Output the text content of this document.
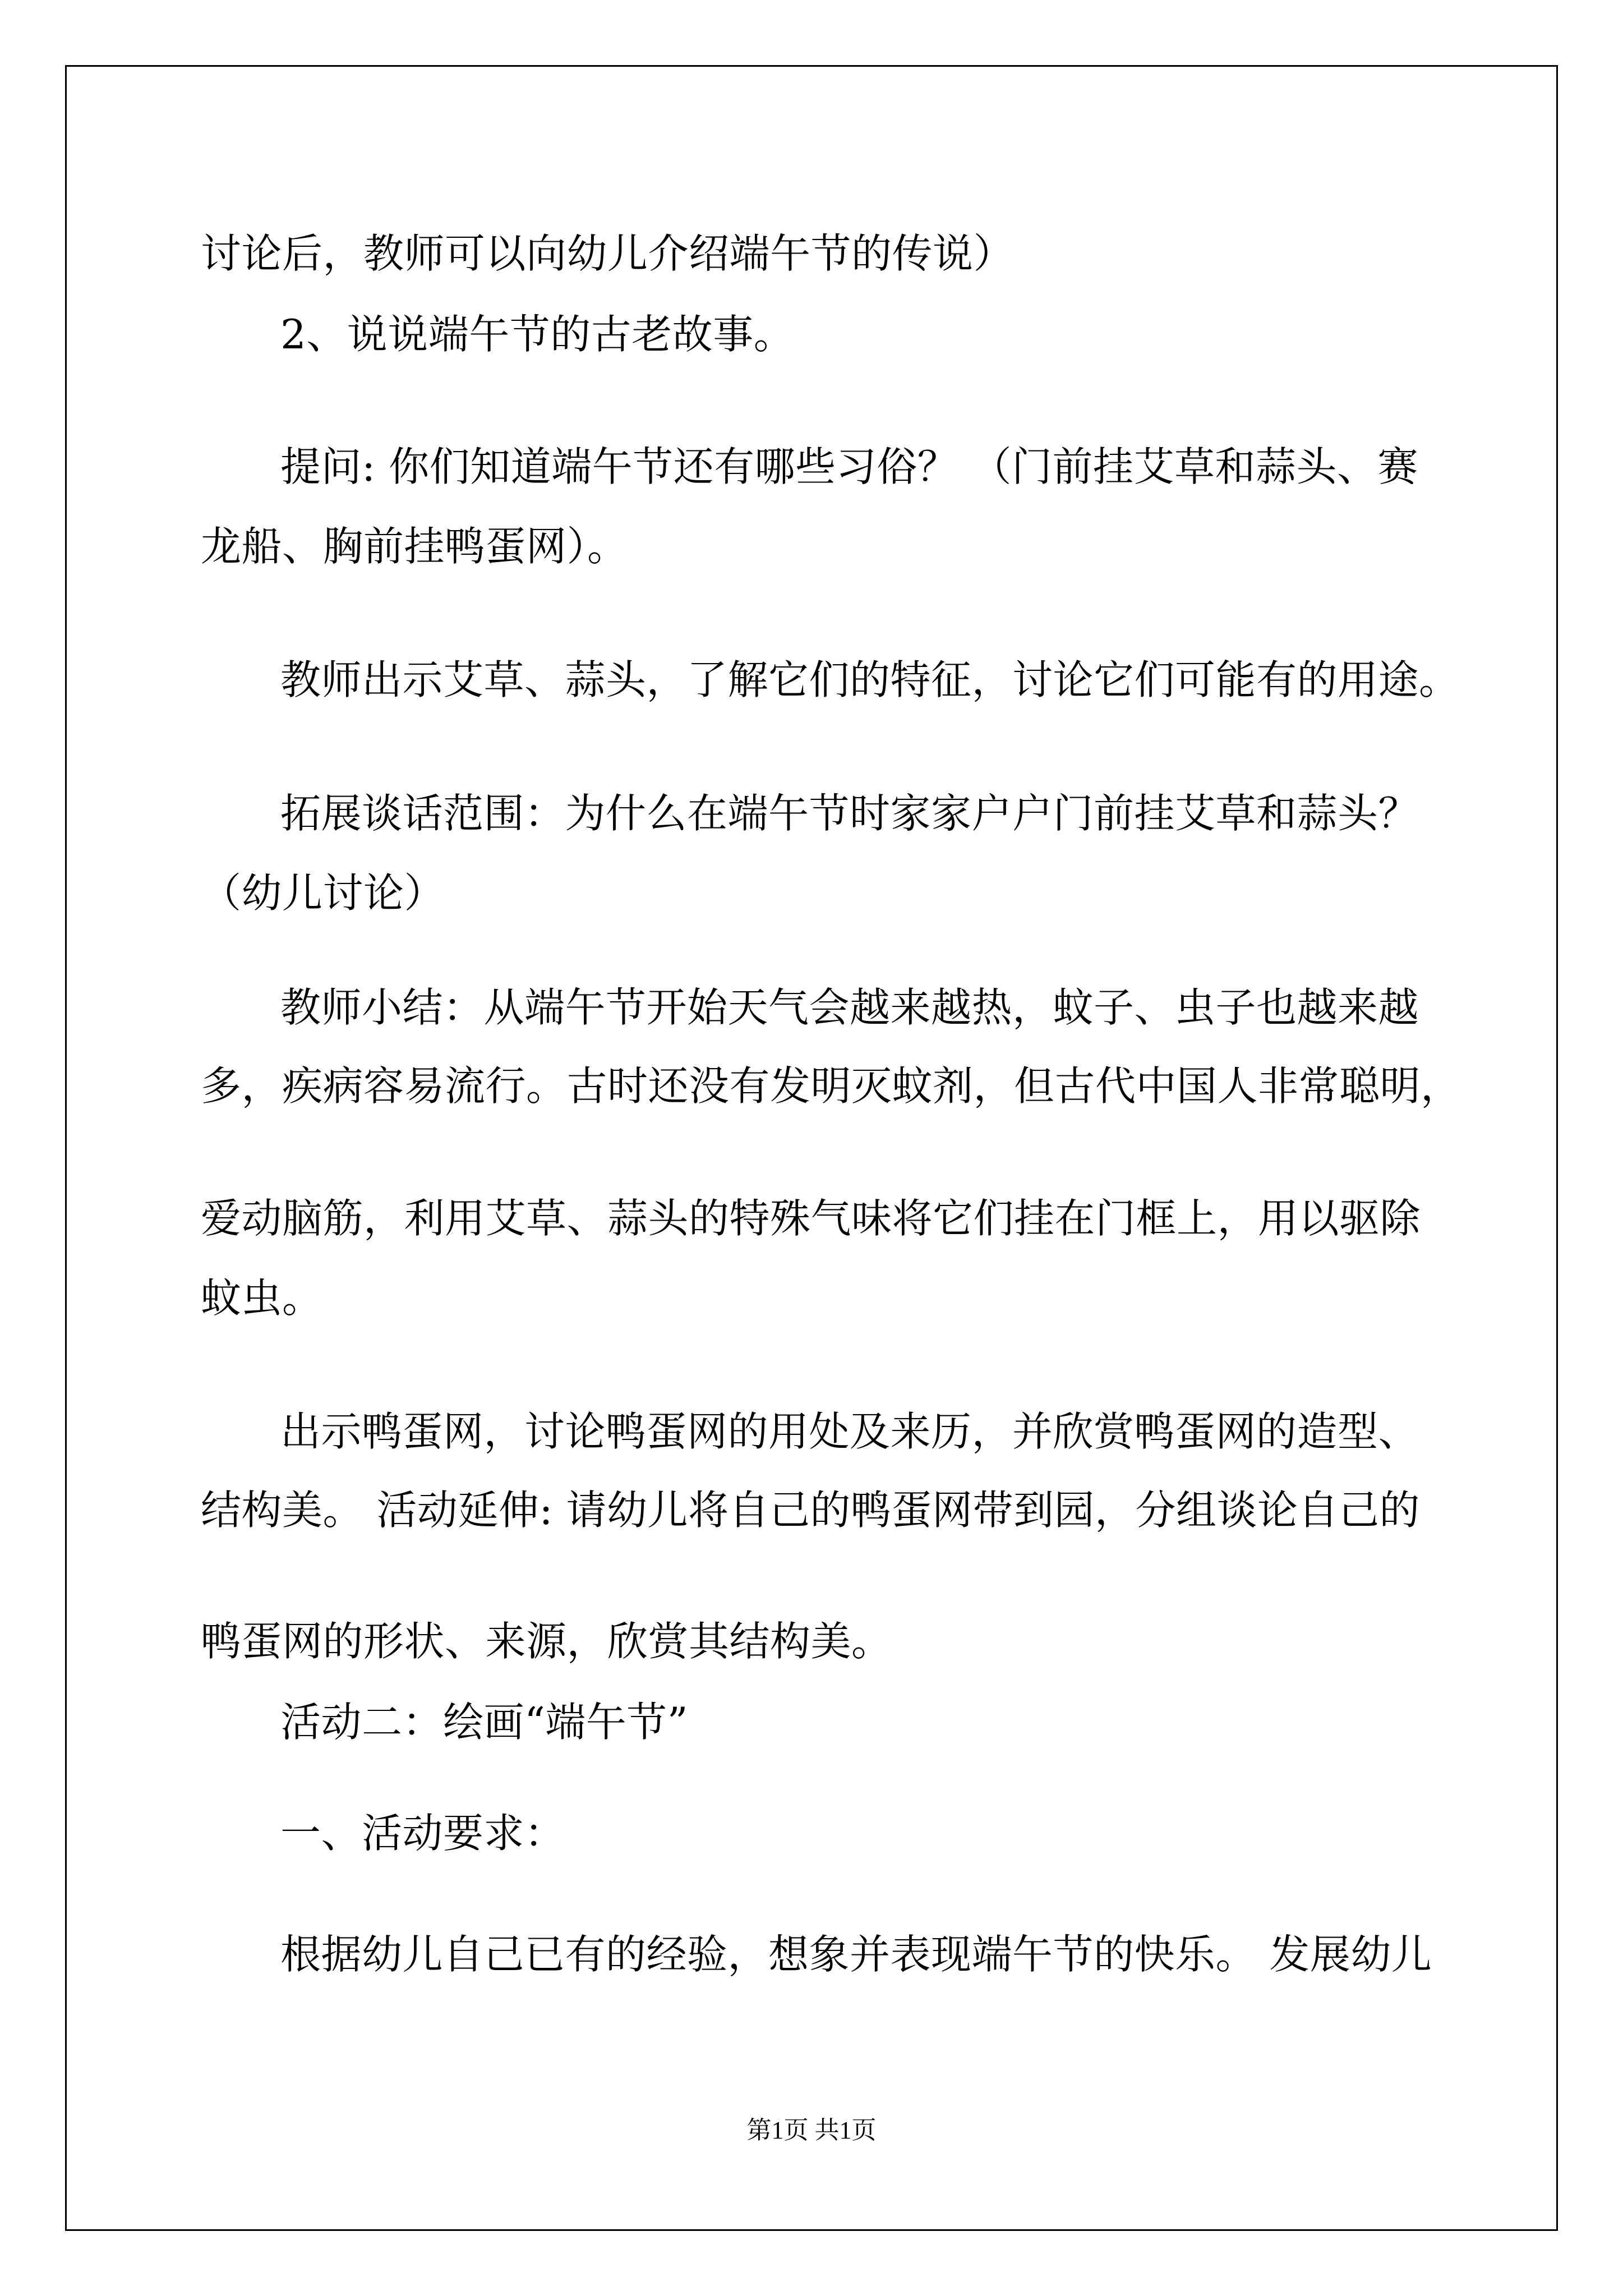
讨论后，教师可以向幼儿介绍端午节的传说）
2、说说端午节的古老故事。
提问: 你们知道端午节还有哪些习俗？ （门前挂艾草和蒜头、赛
龙船、胸前挂鸭蛋网）。
教师出示艾草、蒜头，了解它们的特征，讨论它们可能有的用途。
拓展谈话范围：为什么在端午节时家家户户门前挂艾草和蒜头？
（幼儿讨论）
教师小结：从端午节开始天气会越来越热，蚊子、虫子也越来越
多，疾病容易流行。古时还没有发明灭蚊剂，但古代中国人非常聪明，
爱动脑筋，利用艾草、蒜头的特殊气味将它们挂在门框上，用以驱除
蚊虫。
出示鸭蛋网，讨论鸭蛋网的用处及来历，并欣赏鸭蛋网的造型、
结构美。 活动延伸: 请幼儿将自己的鸭蛋网带到园，分组谈论自己的
鸭蛋网的形状、来源，欣赏其结构美。
活动二：绘画“端午节”
一、活动要求：
根据幼儿自己已有的经验，想象并表现端午节的快乐。 发展幼儿
第1页 共1页
